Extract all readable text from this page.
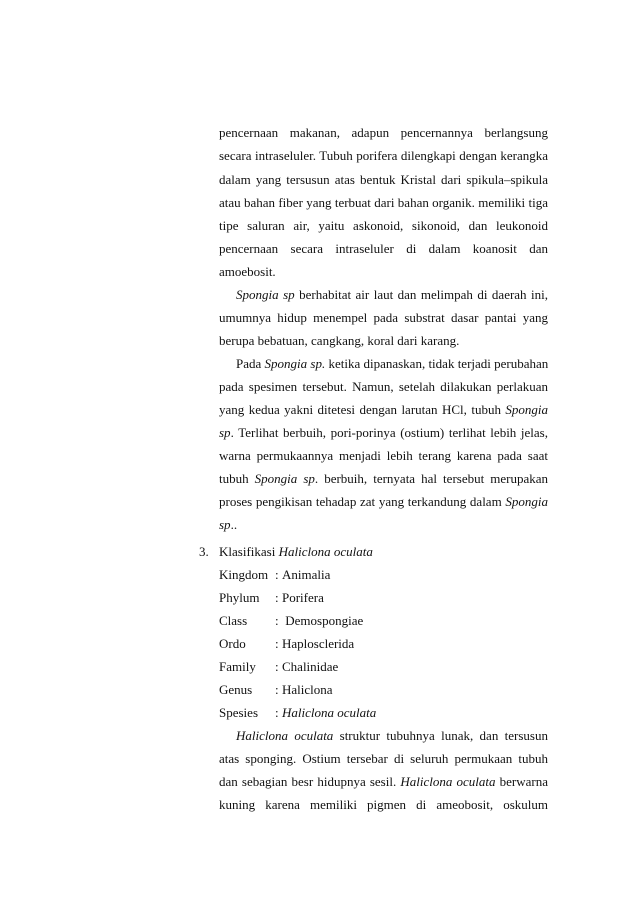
pencernaan makanan, adapun pencernannya berlangsung
secara intraseluler. Tubuh porifera dilengkapi dengan kerangka
dalam yang tersusun atas bentuk Kristal dari spikula–spikula
atau bahan fiber yang terbuat dari bahan organik. memiliki tiga
tipe saluran air, yaitu askonoid, sikonoid, dan leukonoid
pencernaan secara intraseluler di dalam koanosit dan
amoebosit.
Spongia sp berhabitat air laut dan melimpah di daerah ini,
umumnya hidup menempel pada substrat dasar pantai yang
berupa bebatuan, cangkang, koral dari karang.
Pada Spongia sp. ketika dipanaskan, tidak terjadi perubahan
pada spesimen tersebut. Namun, setelah dilakukan perlakuan
yang kedua yakni ditetesi dengan larutan HCl, tubuh Spongia
sp. Terlihat berbuih, pori-porinya (ostium) terlihat lebih jelas,
warna permukaannya menjadi lebih terang karena pada saat
tubuh Spongia sp. berbuih, ternyata hal tersebut merupakan
proses pengikisan tehadap zat yang terkandung dalam Spongia
sp..
3. Klasifikasi Haliclona oculata
Kingdom : Animalia
Phylum : Porifera
Class : Demospongiae
Ordo : Haplosclerida
Family : Chalinidae
Genus : Haliclona
Spesies : Haliclona oculata
Haliclona oculata struktur tubuhnya lunak, dan tersusun
atas sponging. Ostium tersebar di seluruh permukaan tubuh
dan sebagian besr hidupnya sesil. Haliclona oculata berwarna
kuning karena memiliki pigmen di ameobosit, oskulum
